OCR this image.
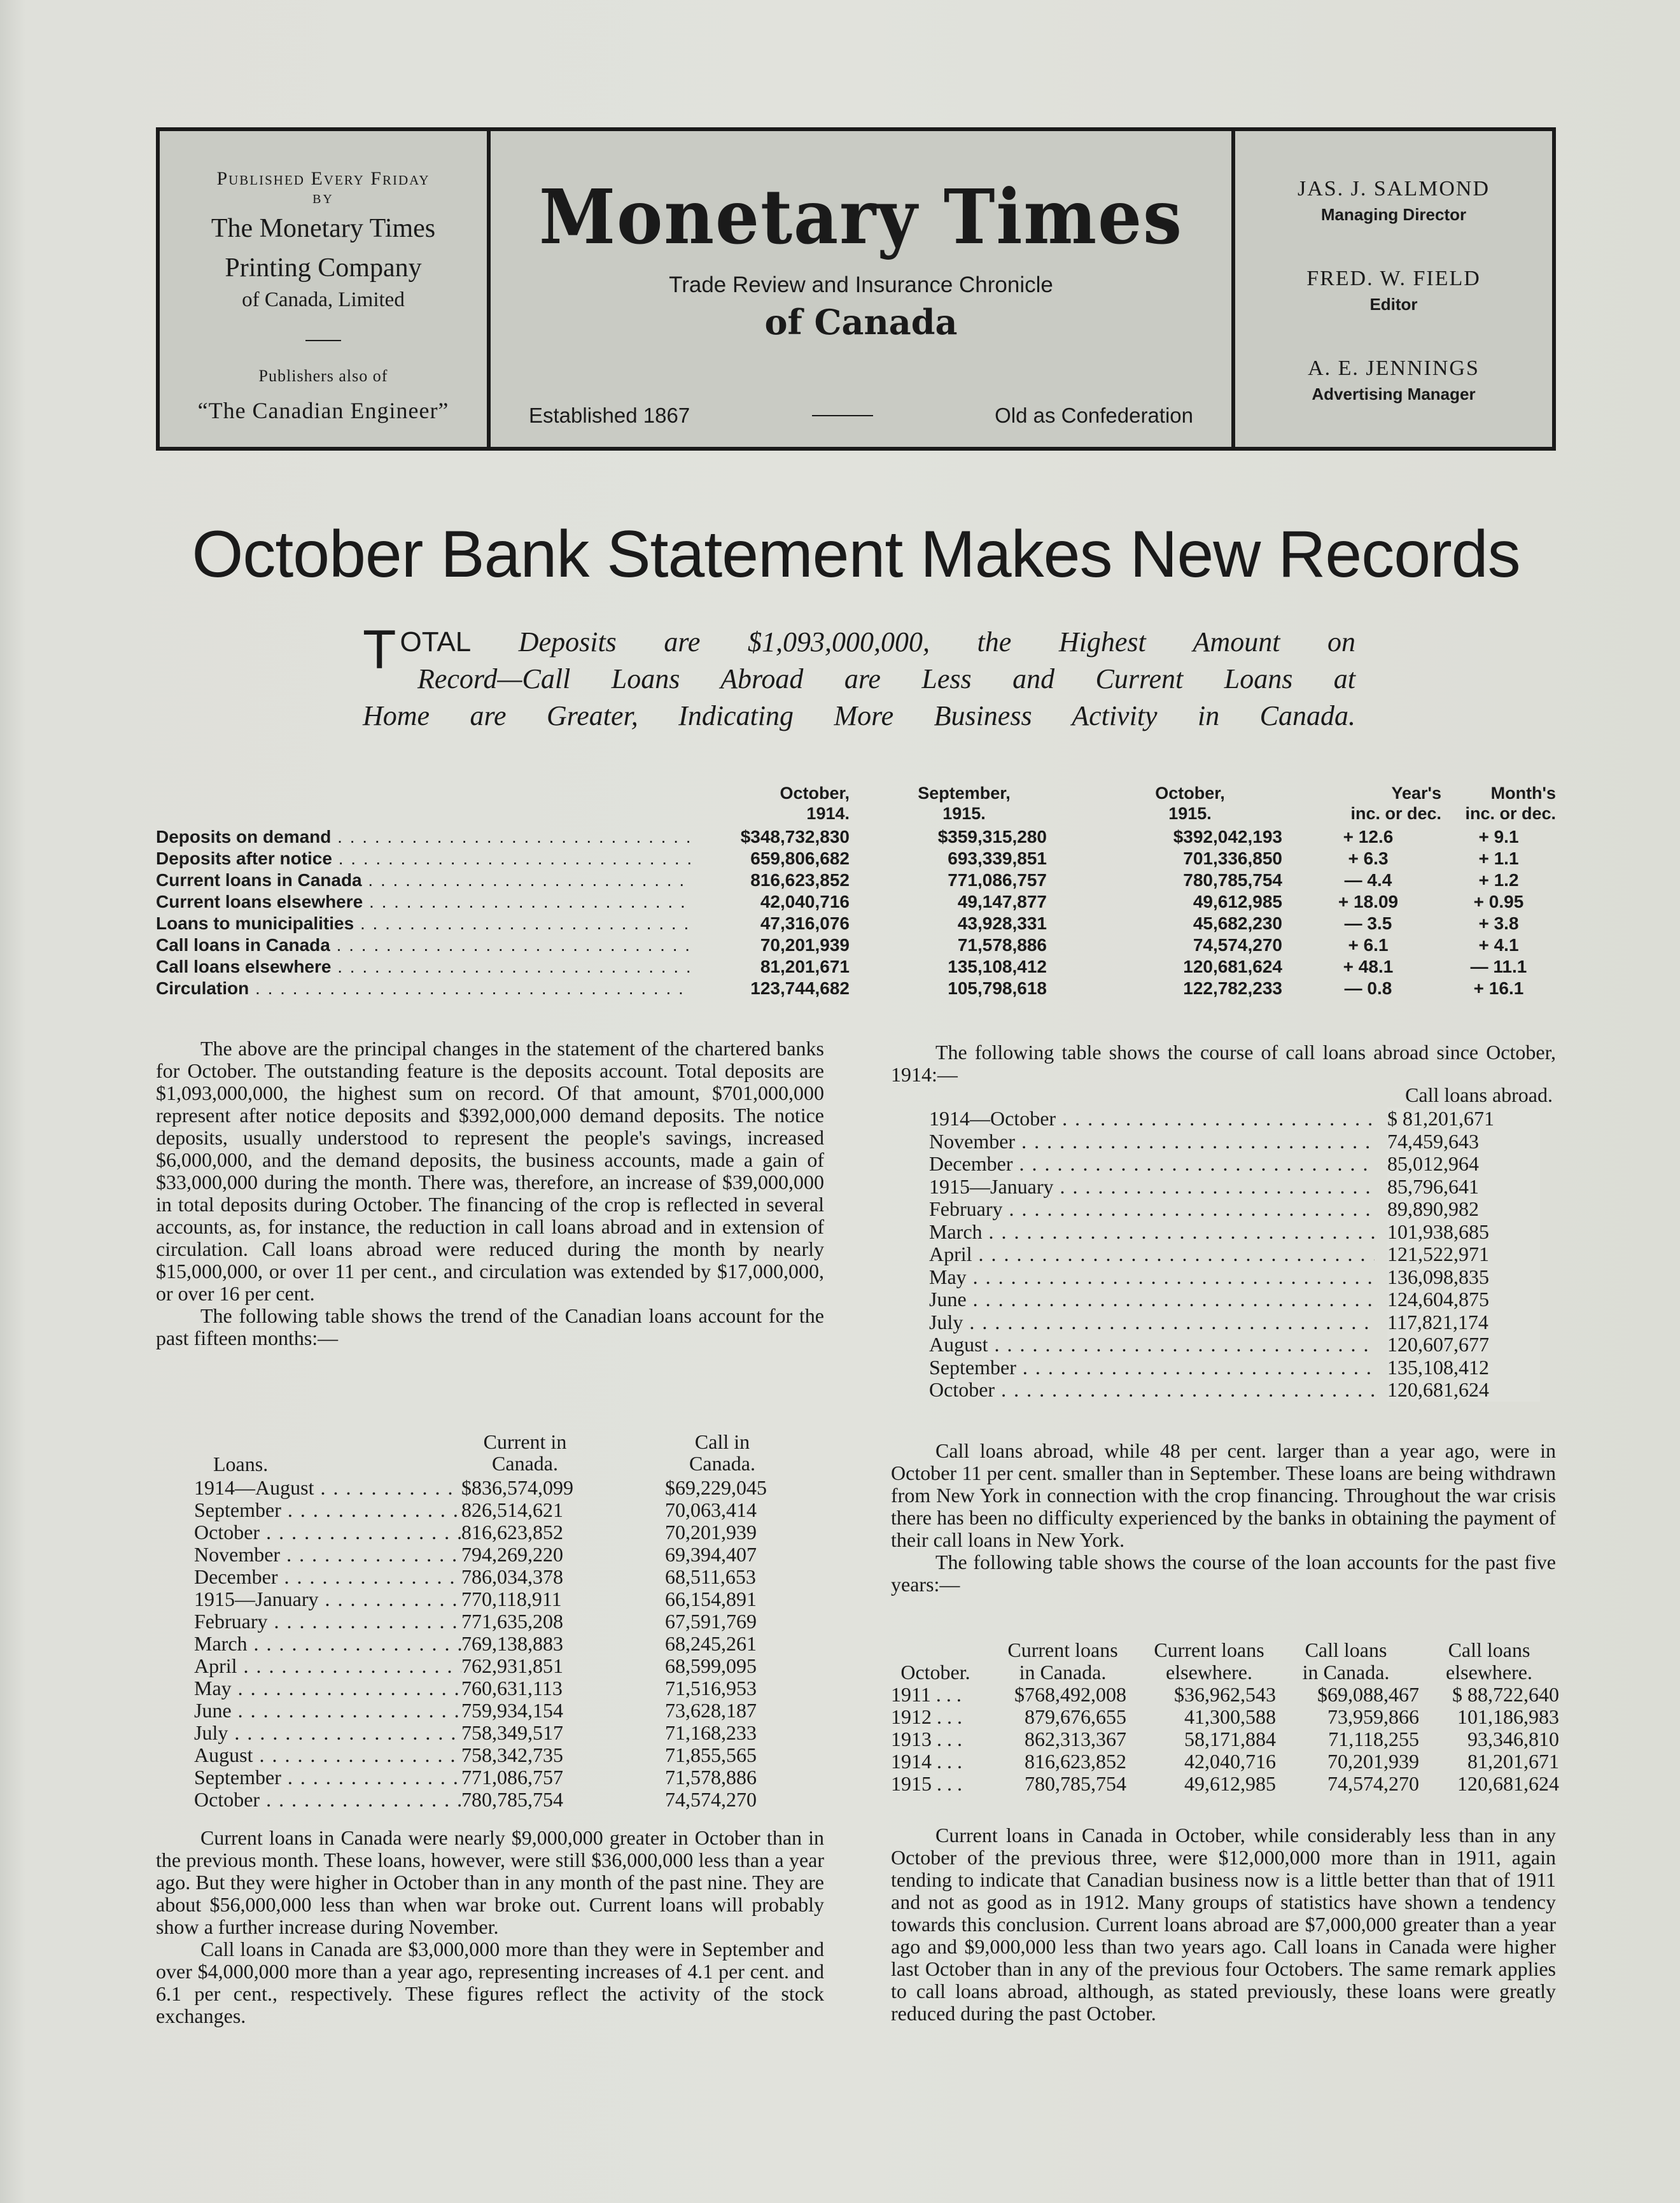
Published Every Friday
BY
The Monetary Times
Printing Company
of Canada, Limited
Publishers also of
“The Canadian Engineer”
Monetary Times
Trade Review and Insurance Chronicle
of Canada
Established 1867	Old as Confederation
JAS. J. SALMOND
Managing Director
FRED. W. FIELD
Editor
A. E. JENNINGS
Advertising Manager
October Bank Statement Makes New Records
T OTAL Deposits are $1,093,000,000, the Highest Amount on
Record—Call Loans Abroad are Less and Current Loans at
Home are Greater, Indicating More Business Activity in Canada.
October,
1914.
September,
1915.
October,
1915.
Year's
inc. or dec.
Month's
inc. or dec.
Deposits on demand . . .	$348,732,830	$359,315,280	$392,042,193	+ 12.6	+ 9.1
Deposits after notice . . .	659,806,682	693,339,851	701,336,850	+ 6.3	+ 1.1
Current loans in Canada . . .	816,623,852	771,086,757	780,785,754	— 4.4	+ 1.2
Current loans elsewhere . . .	42,040,716	49,147,877	49,612,985	+ 18.09	+ 0.95
Loans to municipalities . . .	47,316,076	43,928,331	45,682,230	— 3.5	+ 3.8
Call loans in Canada . . .	70,201,939	71,578,886	74,574,270	+ 6.1	+ 4.1
Call loans elsewhere . . .	81,201,671	135,108,412	120,681,624	+ 48.1	— 11.1
Circulation . . .	123,744,682	105,798,618	122,782,233	— 0.8	+ 16.1

The above are the principal changes in the statement of the chartered banks for October. The outstanding feature is the deposits account. Total deposits are $1,093,000,000, the highest sum on record. Of that amount, $701,000,000 represent after notice deposits and $392,000,000 demand deposits. The notice deposits, usually understood to represent the people's savings, increased $6,000,000, and the demand deposits, the business accounts, made a gain of $33,000,000 during the month. There was, therefore, an increase of $39,000,000 in total deposits during October. The financing of the crop is reflected in several accounts, as, for instance, the reduction in call loans abroad and in extension of circulation. Call loans abroad were reduced during the month by nearly $15,000,000, or over 11 per cent., and circulation was extended by $17,000,000, or over 16 per cent.

The following table shows the trend of the Canadian loans account for the past fifteen months:—

Loans.
Current in
Canada.
Call in
Canada.
1914—August . . .	$836,574,099	$69,229,045
September . . .	826,514,621	70,063,414
October . . .	816,623,852	70,201,939
November . . .	794,269,220	69,394,407
December . . .	786,034,378	68,511,653
1915—January . . .	770,118,911	66,154,891
February . . .	771,635,208	67,591,769
March . . .	769,138,883	68,245,261
April . . .	762,931,851	68,599,095
May . . .	760,631,113	71,516,953
June . . .	759,934,154	73,628,187
July . . .	758,349,517	71,168,233
August . . .	758,342,735	71,855,565
September . . .	771,086,757	71,578,886
October . . .	780,785,754	74,574,270

Current loans in Canada were nearly $9,000,000 greater in October than in the previous month. These loans, however, were still $36,000,000 less than a year ago. But they were higher in October than in any month of the past nine. They are about $56,000,000 less than when war broke out. Current loans will probably show a further increase during November.

Call loans in Canada are $3,000,000 more than they were in September and over $4,000,000 more than a year ago, representing increases of 4.1 per cent. and 6.1 per cent., respectively. These figures reflect the activity of the stock exchanges.

The following table shows the course of call loans abroad since October, 1914:—

Call loans abroad.
1914—October . . .	$ 81,201,671
November . . .	74,459,643
December . . .	85,012,964
1915—January . . .	85,796,641
February . . .	89,890,982
March . . .	101,938,685
April . . .	121,522,971
May . . .	136,098,835
June . . .	124,604,875
July . . .	117,821,174
August . . .	120,607,677
September . . .	135,108,412
October . . .	120,681,624

Call loans abroad, while 48 per cent. larger than a year ago, were in October 11 per cent. smaller than in September. These loans are being withdrawn from New York in connection with the crop financing. Throughout the war crisis there has been no difficulty experienced by the banks in obtaining the payment of their call loans in New York.

The following table shows the course of the loan accounts for the past five years:—

October.
Current loans
in Canada.
Current loans
elsewhere.
Call loans
in Canada.
Call loans
elsewhere.
1911 . . .	$768,492,008	$36,962,543	$69,088,467	$ 88,722,640
1912 . . .	879,676,655	41,300,588	73,959,866	101,186,983
1913 . . .	862,313,367	58,171,884	71,118,255	93,346,810
1914 . . .	816,623,852	42,040,716	70,201,939	81,201,671
1915 . . .	780,785,754	49,612,985	74,574,270	120,681,624

Current loans in Canada in October, while considerably less than in any October of the previous three, were $12,000,000 more than in 1911, again tending to indicate that Canadian business now is a little better than that of 1911 and not as good as in 1912. Many groups of statistics have shown a tendency towards this conclusion. Current loans abroad are $7,000,000 greater than a year ago and $9,000,000 less than two years ago. Call loans in Canada were higher last October than in any of the previous four Octobers. The same remark applies to call loans abroad, although, as stated previously, these loans were greatly reduced during the past October.
